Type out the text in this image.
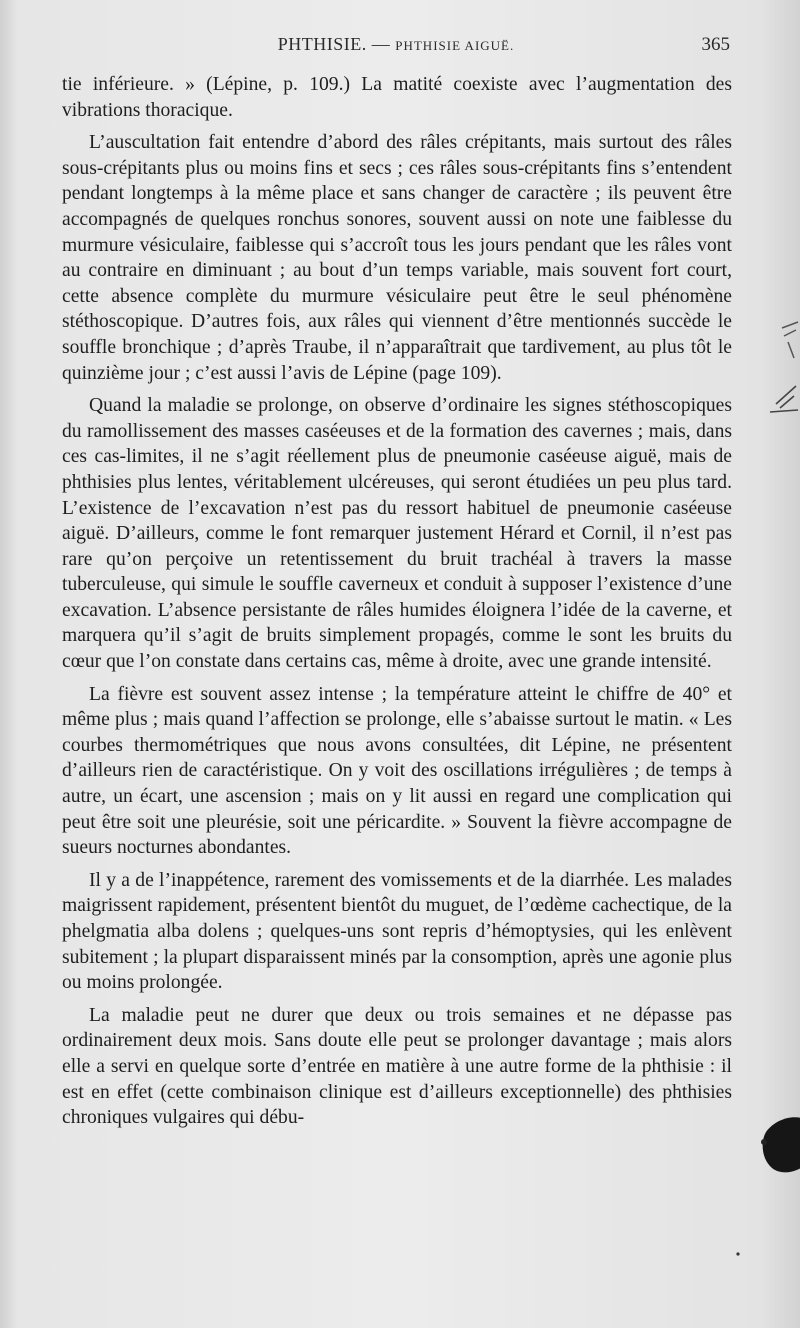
PHTHISIE. — PHTHISIE AIGUË.	365

tie inférieure. » (Lépine, p. 109.) La matité coexiste avec l’augmentation des vibrations thoracique.

L’auscultation fait entendre d’abord des râles crépitants, mais surtout des râles sous-crépitants plus ou moins fins et secs ; ces râles sous-crépitants fins s’entendent pendant longtemps à la même place et sans changer de caractère ; ils peuvent être accompagnés de quelques ronchus sonores, souvent aussi on note une faiblesse du murmure vésiculaire, faiblesse qui s’accroît tous les jours pendant que les râles vont au contraire en diminuant ; au bout d’un temps variable, mais souvent fort court, cette absence complète du murmure vésiculaire peut être le seul phénomène stéthoscopique. D’autres fois, aux râles qui viennent d’être mentionnés succède le souffle bronchique ; d’après Traube, il n’apparaîtrait que tardivement, au plus tôt le quinzième jour ; c’est aussi l’avis de Lépine (page 109).

Quand la maladie se prolonge, on observe d’ordinaire les signes stéthoscopiques du ramollissement des masses caséeuses et de la formation des cavernes ; mais, dans ces cas-limites, il ne s’agit réellement plus de pneumonie caséeuse aiguë, mais de phthisies plus lentes, véritablement ulcéreuses, qui seront étudiées un peu plus tard. L’existence de l’excavation n’est pas du ressort habituel de pneumonie caséeuse aiguë. D’ailleurs, comme le font remarquer justement Hérard et Cornil, il n’est pas rare qu’on perçoive un retentissement du bruit trachéal à travers la masse tuberculeuse, qui simule le souffle caverneux et conduit à supposer l’existence d’une excavation. L’absence persistante de râles humides éloignera l’idée de la caverne, et marquera qu’il s’agit de bruits simplement propagés, comme le sont les bruits du cœur que l’on constate dans certains cas, même à droite, avec une grande intensité.

La fièvre est souvent assez intense ; la température atteint le chiffre de 40° et même plus ; mais quand l’affection se prolonge, elle s’abaisse surtout le matin. « Les courbes thermométriques que nous avons consultées, dit Lépine, ne présentent d’ailleurs rien de caractéristique. On y voit des oscillations irrégulières ; de temps à autre, un écart, une ascension ; mais on y lit aussi en regard une complication qui peut être soit une pleurésie, soit une péricardite. » Souvent la fièvre accompagne de sueurs nocturnes abondantes.

Il y a de l’inappétence, rarement des vomissements et de la diarrhée. Les malades maigrissent rapidement, présentent bientôt du muguet, de l’œdème cachectique, de la phelgmatia alba dolens ; quelques-uns sont repris d’hémoptysies, qui les enlèvent subitement ; la plupart disparaissent minés par la consomption, après une agonie plus ou moins prolongée.

La maladie peut ne durer que deux ou trois semaines et ne dépasse pas ordinairement deux mois. Sans doute elle peut se prolonger davantage ; mais alors elle a servi en quelque sorte d’entrée en matière à une autre forme de la phthisie : il est en effet (cette combinaison clinique est d’ailleurs exceptionnelle) des phthisies chroniques vulgaires qui débu-
